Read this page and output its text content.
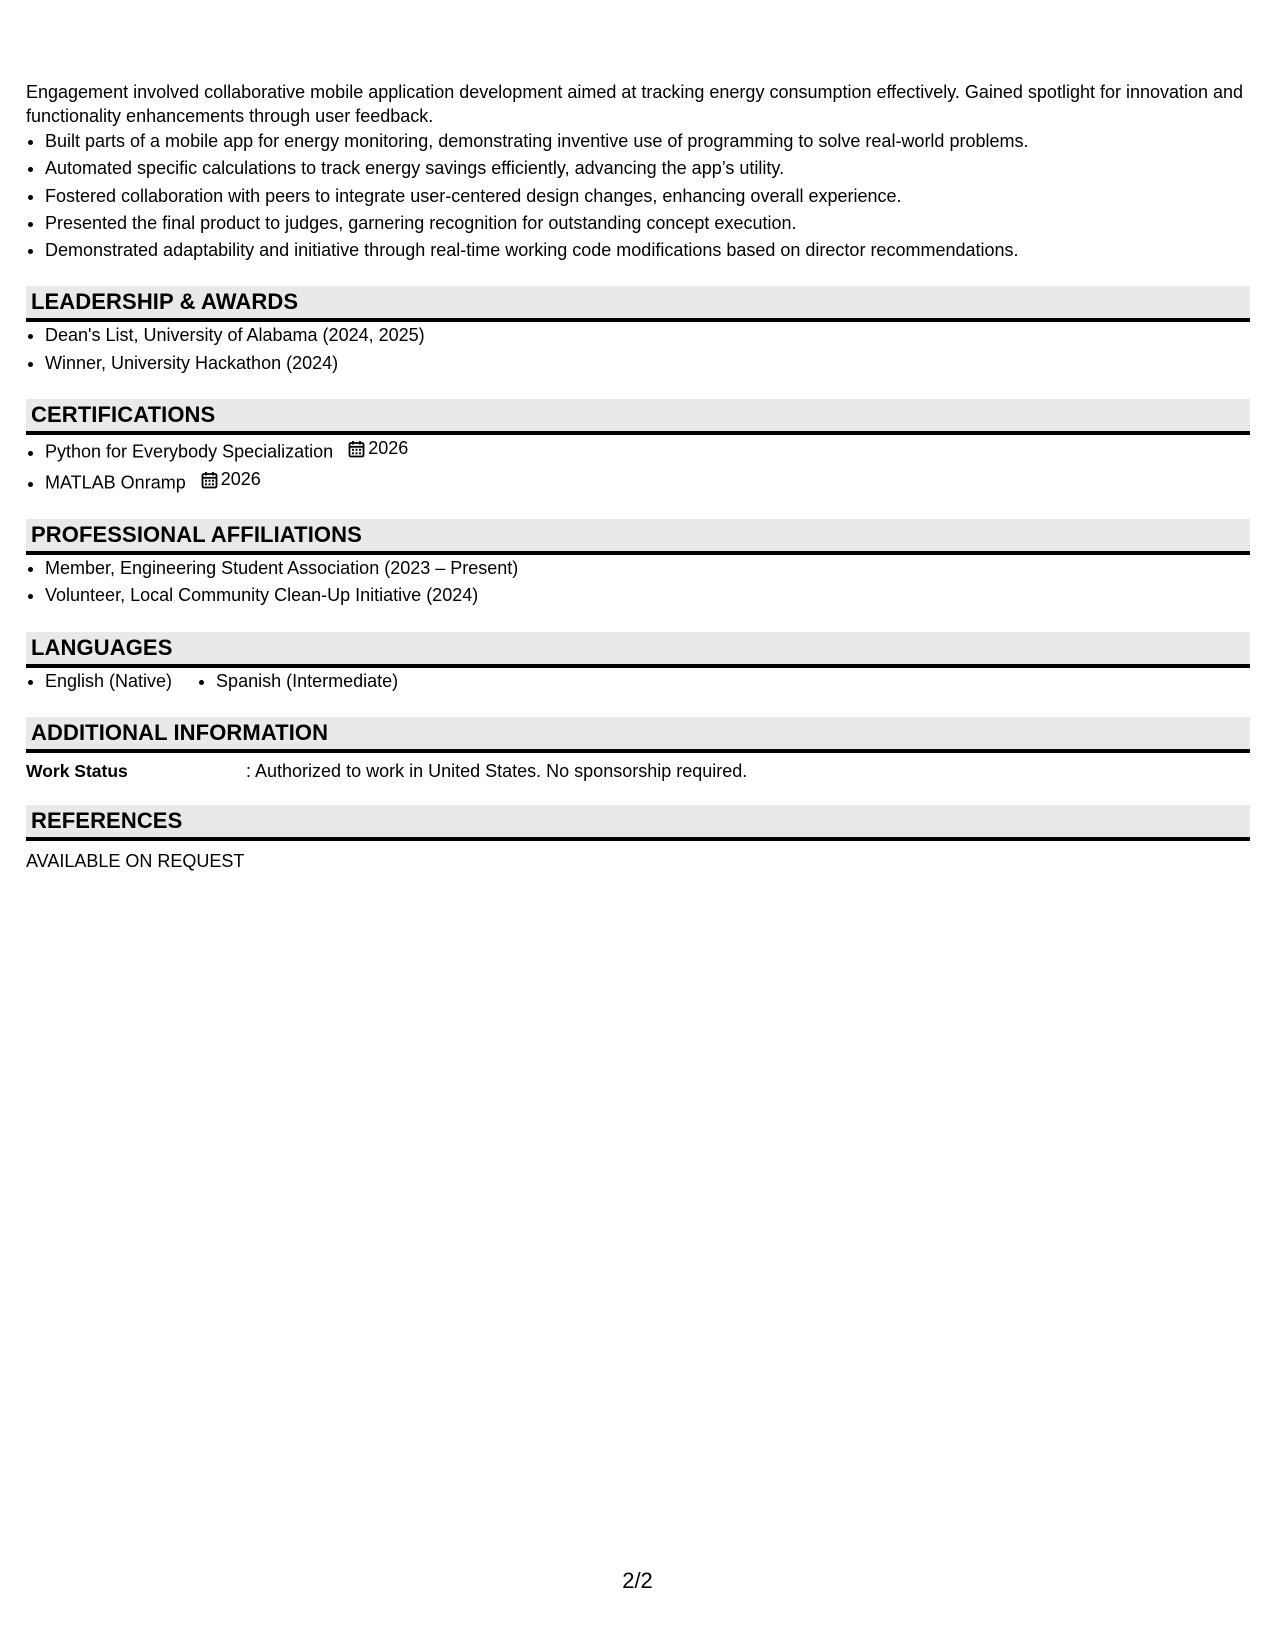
Engagement involved collaborative mobile application development aimed at tracking energy consumption effectively. Gained spotlight for innovation and functionality enhancements through user feedback.

• Built parts of a mobile app for energy monitoring, demonstrating inventive use of programming to solve real-world problems.
• Automated specific calculations to track energy savings efficiently, advancing the app’s utility.
• Fostered collaboration with peers to integrate user-centered design changes, enhancing overall experience.
• Presented the final product to judges, garnering recognition for outstanding concept execution.
• Demonstrated adaptability and initiative through real-time working code modifications based on director recommendations.
LEADERSHIP & AWARDS
• Dean's List, University of Alabama (2024, 2025)
• Winner, University Hackathon (2024)
CERTIFICATIONS
• Python for Everybody Specialization 2026
• MATLAB Onramp 2026
PROFESSIONAL AFFILIATIONS
• Member, Engineering Student Association (2023 – Present)
• Volunteer, Local Community Clean-Up Initiative (2024)
LANGUAGES
• English (Native)
• Spanish (Intermediate)
ADDITIONAL INFORMATION
Work Status	: Authorized to work in United States. No sponsorship required.
REFERENCES
AVAILABLE ON REQUEST
2/2
